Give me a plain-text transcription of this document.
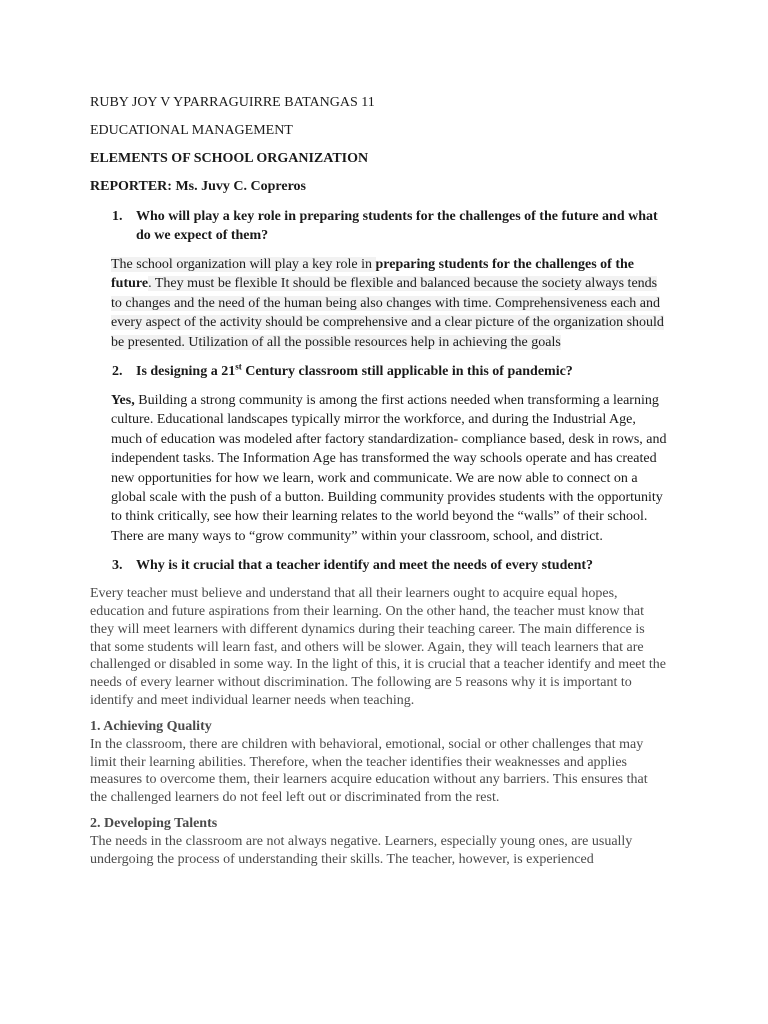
RUBY JOY V YPARRAGUIRRE BATANGAS 11

EDUCATIONAL MANAGEMENT

ELEMENTS OF SCHOOL ORGANIZATION

REPORTER: Ms. Juvy C. Copreros

1. Who will play a key role in preparing students for the challenges of the future and what do we expect of them?

The school organization will play a key role in preparing students for the challenges of the future. They must be flexible It should be flexible and balanced because the society always tends to changes and the need of the human being also changes with time. Comprehensiveness each and every aspect of the activity should be comprehensive and a clear picture of the organization should be presented. Utilization of all the possible resources help in achieving the goals

2. Is designing a 21st Century classroom still applicable in this of pandemic?

Yes, Building a strong community is among the first actions needed when transforming a learning culture. Educational landscapes typically mirror the workforce, and during the Industrial Age, much of education was modeled after factory standardization- compliance based, desk in rows, and independent tasks. The Information Age has transformed the way schools operate and has created new opportunities for how we learn, work and communicate. We are now able to connect on a global scale with the push of a button. Building community provides students with the opportunity to think critically, see how their learning relates to the world beyond the “walls” of their school. There are many ways to “grow community” within your classroom, school, and district.

3. Why is it crucial that a teacher identify and meet the needs of every student?

Every teacher must believe and understand that all their learners ought to acquire equal hopes, education and future aspirations from their learning. On the other hand, the teacher must know that they will meet learners with different dynamics during their teaching career. The main difference is that some students will learn fast, and others will be slower. Again, they will teach learners that are challenged or disabled in some way. In the light of this, it is crucial that a teacher identify and meet the needs of every learner without discrimination. The following are 5 reasons why it is important to identify and meet individual learner needs when teaching.

1. Achieving Quality

In the classroom, there are children with behavioral, emotional, social or other challenges that may limit their learning abilities. Therefore, when the teacher identifies their weaknesses and applies measures to overcome them, their learners acquire education without any barriers. This ensures that the challenged learners do not feel left out or discriminated from the rest.

2. Developing Talents

The needs in the classroom are not always negative. Learners, especially young ones, are usually undergoing the process of understanding their skills. The teacher, however, is experienced
